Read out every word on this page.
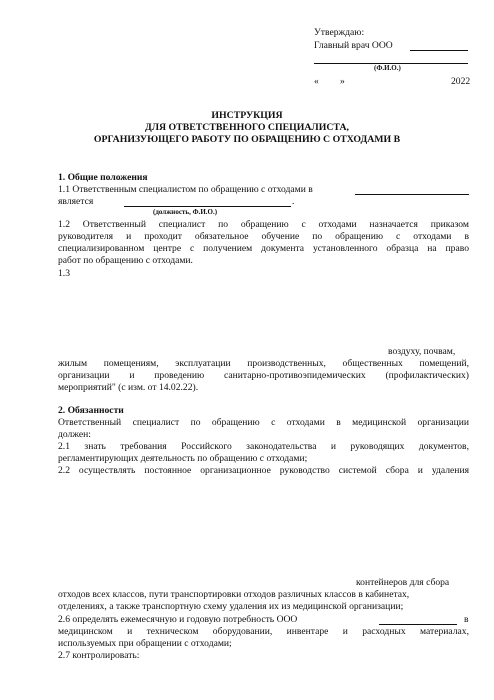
Утверждаю:
Главный врач ООО
(Ф.И.О.)
« »	2022
ИНСТРУКЦИЯ
ДЛЯ ОТВЕТСТВЕННОГО СПЕЦИАЛИСТА,
ОРГАНИЗУЮЩЕГО РАБОТУ ПО ОБРАЩЕНИЮ С ОТХОДАМИ В
1. Общие положения
1.1 Ответственным специалистом по обращению с отходами в
является	.
(должность, Ф.И.О.)
1.2 Ответственный специалист по обращению с отходами назначается приказом
руководителя и проходит обязательное обучение по обращению с отходами в
специализированном центре с получением документа установленного образца на право
работ по обращению с отходами.
1.3
воздуху, почвам,
жилым помещениям, эксплуатации производственных, общественных помещений,
организации и проведению санитарно-противоэпидемических (профилактических)
мероприятий" (с изм. от 14.02.22).
2. Обязанности
Ответственный специалист по обращению с отходами в медицинской организации
должен:
2.1 знать требования Российского законодательства и руководящих документов,
регламентирующих деятельность по обращению с отходами;
2.2 осуществлять постоянное организационное руководство системой сбора и удаления
контейнеров для сбора
отходов всех классов, пути транспортировки отходов различных классов в кабинетах,
отделениях, а также транспортную схему удаления их из медицинской организации;
2.6 определять ежемесячную и годовую потребность ООО	в
медицинском и техническом оборудовании, инвентаре и расходных материалах,
используемых при обращении с отходами;
2.7 контролировать:
